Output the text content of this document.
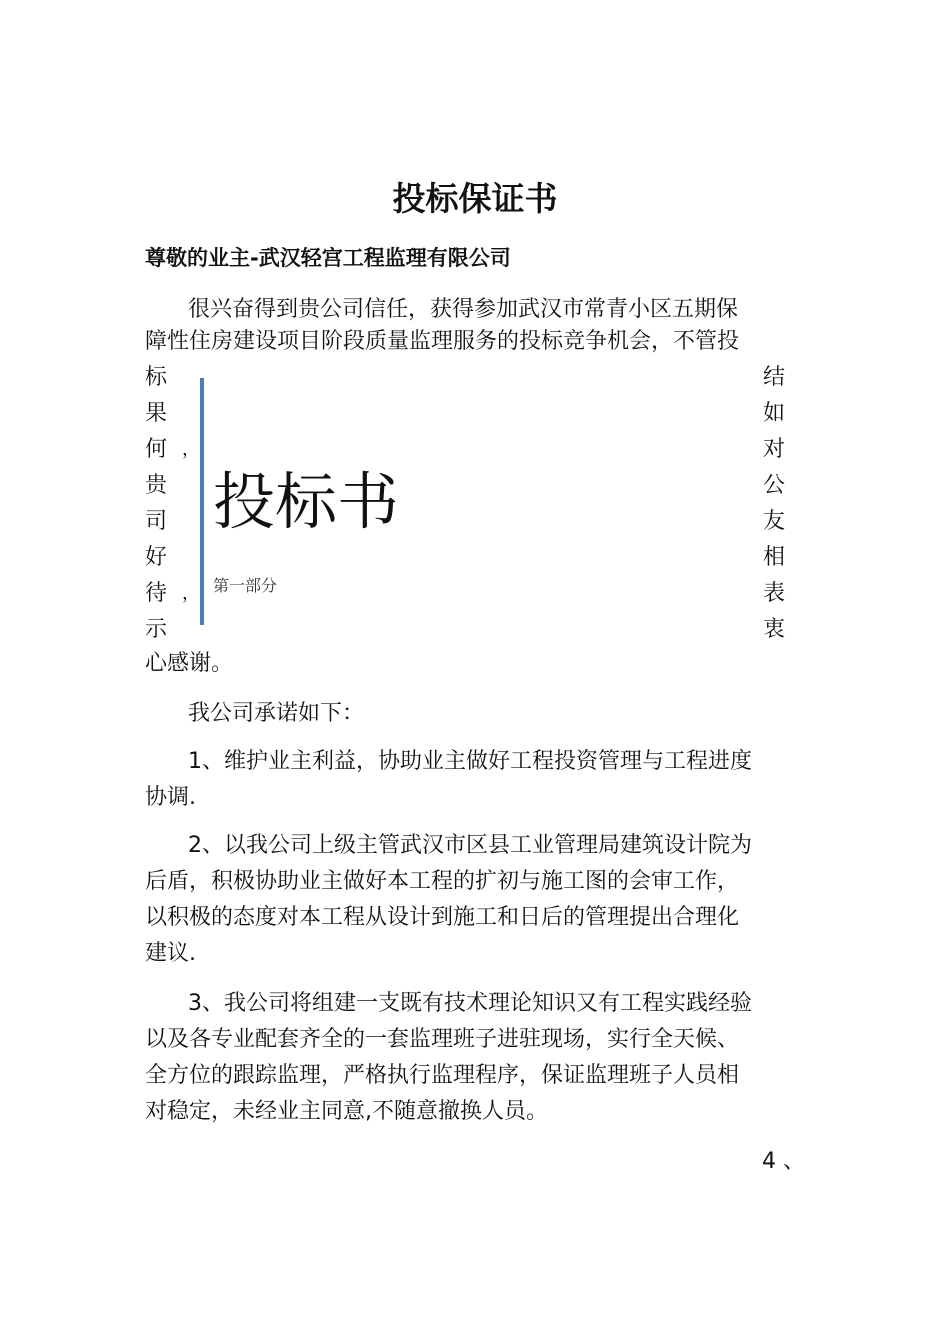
投标保证书
尊敬的业主-武汉轻宫工程监理有限公司
很兴奋得到贵公司信任，获得参加武汉市常青小区五期保
障性住房建设项目阶段质量监理服务的投标竞争机会，不管投
标
果
何
贵
司
好
待
示
，
，
结
如
对
公
友
相
表
衷
投标书
第一部分
心感谢。
我公司承诺如下：
1、维护业主利益，协助业主做好工程投资管理与工程进度
协调.
2、以我公司上级主管武汉市区县工业管理局建筑设计院为
后盾，积极协助业主做好本工程的扩初与施工图的会审工作，
以积极的态度对本工程从设计到施工和日后的管理提出合理化
建议.
3、我公司将组建一支既有技术理论知识又有工程实践经验
以及各专业配套齐全的一套监理班子进驻现场，实行全天候、
全方位的跟踪监理，严格执行监理程序，保证监理班子人员相
对稳定，未经业主同意,不随意撤换人员。
4 、
